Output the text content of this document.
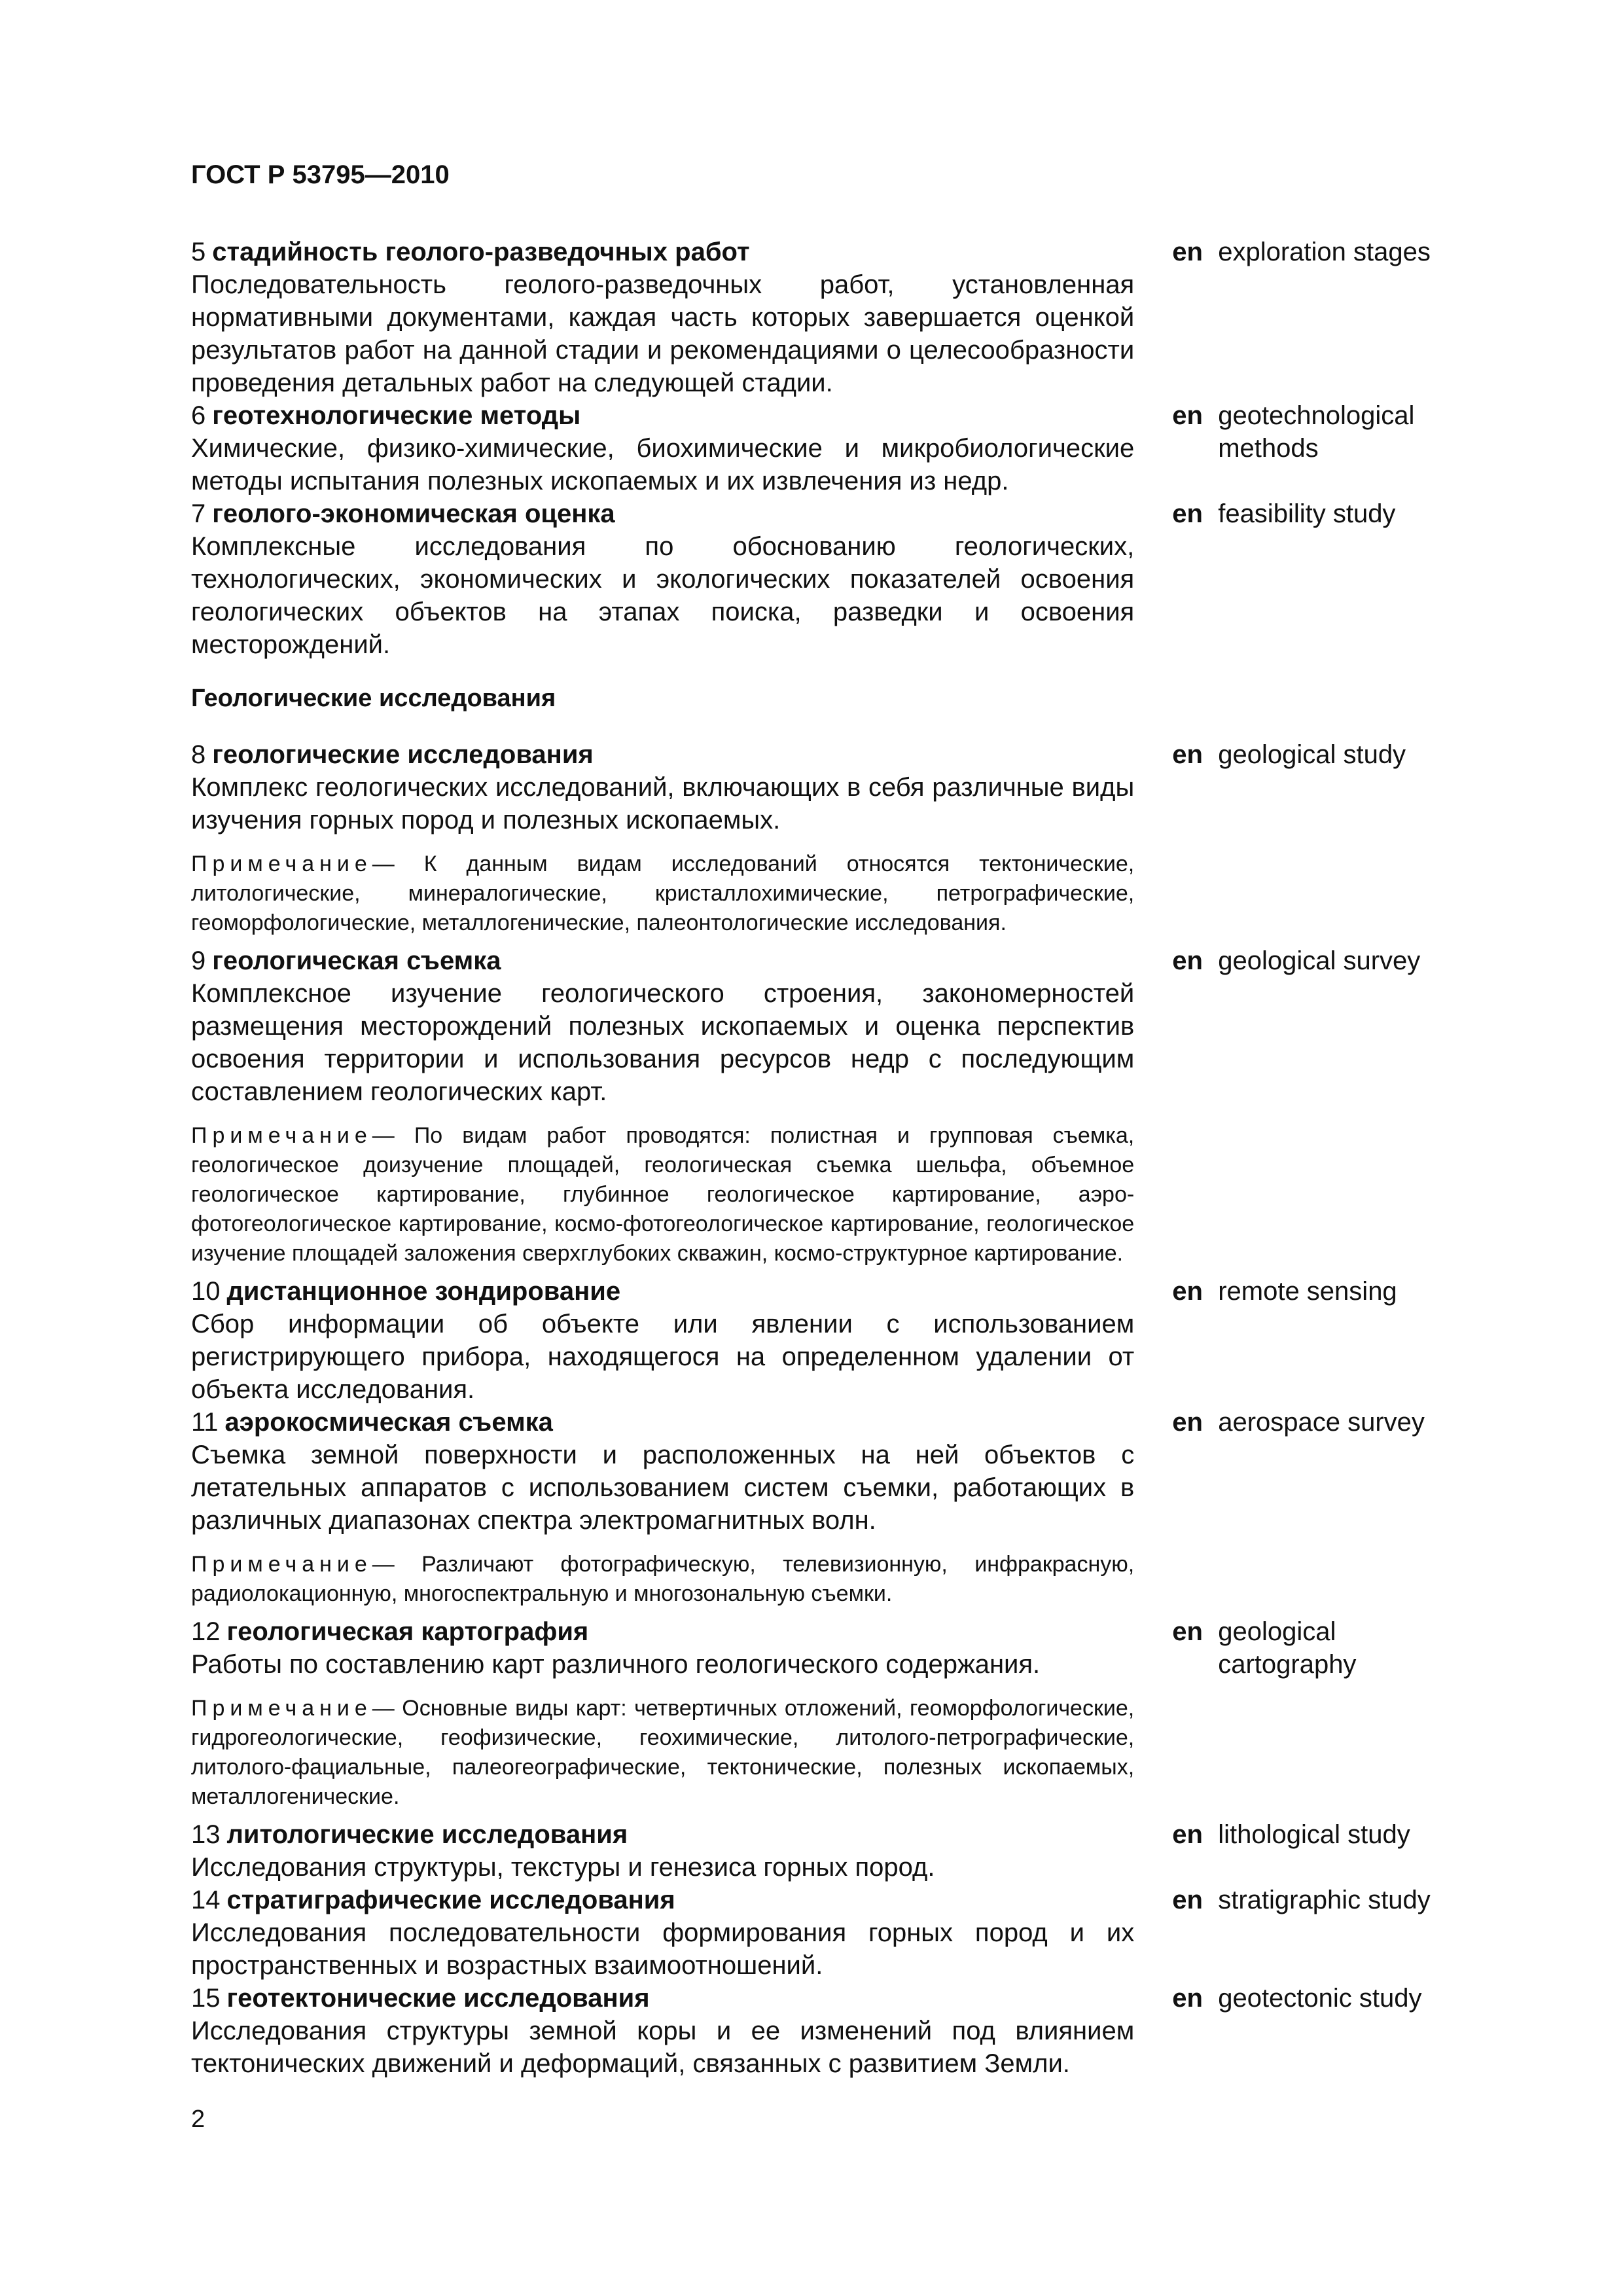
ГОСТ Р 53795—2010
5 стадийность геолого-разведочных работ
Последовательность геолого-разведочных работ, установленная нормативными документами, каждая часть которых завершается оценкой результатов работ на данной стадии и рекомендациями о целесообразности проведения детальных работ на следующей стадии.
en exploration stages
6 геотехнологические методы
Химические, физико-химические, биохимические и микробиологические методы испытания полезных ископаемых и их извлечения из недр.
en geotechnological methods
7 геолого-экономическая оценка
Комплексные исследования по обоснованию геологических, технологических, экономических и экологических показателей освоения геологических объектов на этапах поиска, разведки и освоения месторождений.
en feasibility study
Геологические исследования
8 геологические исследования
Комплекс геологических исследований, включающих в себя различные виды изучения горных пород и полезных ископаемых.
Примечание— К данным видам исследований относятся тектонические, литологические, минералогические, кристаллохимические, петрографические, геоморфологические, металлогенические, палеонтологические исследования.
en geological study
9 геологическая съемка
Комплексное изучение геологического строения, закономерностей размещения месторождений полезных ископаемых и оценка перспектив освоения территории и использования ресурсов недр с последующим составлением геологических карт.
Примечание— По видам работ проводятся: полистная и групповая съемка, геологическое доизучение площадей, геологическая съемка шельфа, объемное геологическое картирование, глубинное геологическое картирование, аэро-фотогеологическое картирование, космо-фотогеологическое картирование, геологическое изучение площадей заложения сверхглубоких скважин, космо-структурное картирование.
en geological survey
10 дистанционное зондирование
Сбор информации об объекте или явлении с использованием регистрирующего прибора, находящегося на определенном удалении от объекта исследования.
en remote sensing
11 аэрокосмическая съемка
Съемка земной поверхности и расположенных на ней объектов с летательных аппаратов с использованием систем съемки, работающих в различных диапазонах спектра электромагнитных волн.
Примечание— Различают фотографическую, телевизионную, инфракрасную, радиолокационную, многоспектральную и многозональную съемки.
en aerospace survey
12 геологическая картография
Работы по составлению карт различного геологического содержания.
Примечание— Основные виды карт: четвертичных отложений, геоморфологические, гидрогеологические, геофизические, геохимические, литолого-петрографические, литолого-фациальные, палеогеографические, тектонические, полезных ископаемых, металлогенические.
en geological cartography
13 литологические исследования
Исследования структуры, текстуры и генезиса горных пород.
en lithological study
14 стратиграфические исследования
Исследования последовательности формирования горных пород и их пространственных и возрастных взаимоотношений.
en stratigraphic study
15 геотектонические исследования
Исследования структуры земной коры и ее изменений под влиянием тектонических движений и деформаций, связанных с развитием Земли.
en geotectonic study
2
